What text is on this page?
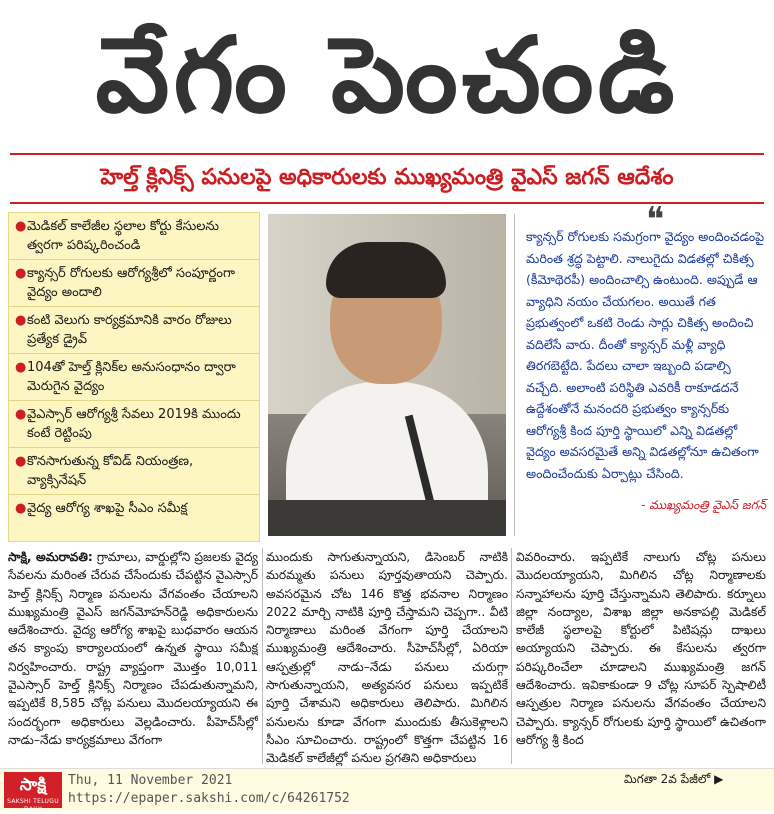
వేగం పెంచండి
హెల్త్‌ క్లినిక్స్‌ పనులపై అధికారులకు ముఖ్యమంత్రి వైఎస్‌ జగన్‌ ఆదేశం
● మెడికల్‌ కాలేజీల స్థలాల కోర్టు కేసులను త్వరగా పరిష్కరించండి
● క్యాన్సర్‌ రోగులకు ఆరోగ్యశ్రీలో సంపూర్ణంగా వైద్యం అందాలి
● కంటి వెలుగు కార్యక్రమానికి వారం రోజులు ప్రత్యేక డ్రైవ్‌
● 104తో హెల్త్‌ క్లినిక్‌ల అనుసంధానం ద్వారా మెరుగైన వైద్యం
● వైఎస్సార్‌ ఆరోగ్యశ్రీ సేవలు 2019కి ముందు కంటే రెట్టింపు
● కొనసాగుతున్న కోవిడ్‌ నియంత్రణ, వ్యాక్సినేషన్‌
● వైద్య ఆరోగ్య శాఖపై సీఎం సమీక్ష
❝
క్యాన్సర్‌ రోగులకు సమగ్రంగా వైద్యం అందించడంపై మరింత శ్రద్ధ పెట్టాలి. నాలుగైదు విడతల్లో చికిత్స (కీమోథెరపీ) అందించాల్సి ఉంటుంది. అప్పుడే ఆ వ్యాధిని నయం చేయగలం. అయితే గత ప్రభుత్వంలో ఒకటి రెండు సార్లు చికిత్స అందించి వదిలేసే వారు. దీంతో క్యాన్సర్‌ మళ్లీ వ్యాధి తిరగబెట్టేది. పేదలు చాలా ఇబ్బంది పడాల్సి వచ్చేది. అలాంటి పరిస్థితి ఎవరికీ రాకూడదనే ఉద్దేశంతోనే మనందరి ప్రభుత్వం క్యాన్సర్‌కు ఆరోగ్యశ్రీ కింద పూర్తి స్థాయిలో ఎన్ని విడతల్లో వైద్యం అవసరమైతే అన్ని విడతల్లోనూ ఉచితంగా అందించేందుకు ఏర్పాట్లు చేసింది.
- ముఖ్యమంత్రి వైఎస్‌ జగన్‌
సాక్షి, అమరావతి: గ్రామాలు, వార్డుల్లోని ప్రజలకు వైద్య సేవలను మరింత చేరువ చేసేందుకు చేపట్టిన వైఎస్సార్‌ హెల్త్‌ క్లినిక్స్‌ నిర్మాణ పనులను వేగవంతం చేయాలని ముఖ్యమంత్రి వైఎస్‌ జగన్‌మోహన్‌రెడ్డి అధికారులను ఆదేశించారు. వైద్య ఆరోగ్య శాఖపై బుధవారం ఆయన తన క్యాంపు కార్యాలయంలో ఉన్నత స్థాయి సమీక్ష నిర్వహించారు. రాష్ట్ర వ్యాప్తంగా మొత్తం 10,011 వైఎస్సార్‌ హెల్త్‌ క్లినిక్స్‌ నిర్మాణం చేపడుతున్నామని, ఇప్పటికే 8,585 చోట్ల పనులు మొదలయ్యాయని ఈ సందర్భంగా అధికారులు వెల్లడించారు. పీహెచ్‌సీల్లో నాడు–నేడు కార్యక్రమాలు వేగంగా
ముందుకు సాగుతున్నాయని, డిసెంబర్‌ నాటికి మరమ్మతు పనులు పూర్తవుతాయని చెప్పారు. అవసరమైన చోట 146 కొత్త భవనాల నిర్మాణం 2022 మార్చి నాటికి పూర్తి చేస్తామని చెప్పగా.. వీటి నిర్మాణాలు మరింత వేగంగా పూర్తి చేయాలని ముఖ్యమంత్రి ఆదేశించారు. సీహెచ్‌సీల్లో, ఏరియా ఆస్పత్రుల్లో నాడు–నేడు పనులు చురుగ్గా సాగుతున్నాయని, అత్యవసర పనులు ఇప్పటికే పూర్తి చేశామని అధికారులు తెలిపారు. మిగిలిన పనులను కూడా వేగంగా ముందుకు తీసుకెళ్లాలని సీఎం సూచించారు. రాష్ట్రంలో కొత్తగా చేపట్టిన 16 మెడికల్‌ కాలేజీల్లో పనుల ప్రగతిని అధికారులు
వివరించారు. ఇప్పటికే నాలుగు చోట్ల పనులు మొదలయ్యాయని, మిగిలిన చోట్ల నిర్మాణాలకు సన్నాహాలను పూర్తి చేస్తున్నామని తెలిపారు. కర్నూలు జిల్లా నంద్యాల, విశాఖ జిల్లా అనకాపల్లి మెడికల్‌ కాలేజీ స్థలాలపై కోర్టులో పిటిషన్లు దాఖలు అయ్యాయని చెప్పారు. ఈ కేసులను త్వరగా పరిష్కరించేలా చూడాలని ముఖ్యమంత్రి జగన్‌ ఆదేశించారు. ఇవికాకుండా 9 చోట్ల సూపర్‌ స్పెషాలిటీ ఆస్పత్రుల నిర్మాణ పనులను వేగవంతం చేయాలని చెప్పారు. క్యాన్సర్‌ రోగులకు పూర్తి స్థాయిలో ఉచితంగా ఆరోగ్య శ్రీ కింద
సాక్షి
SAKSHI TELUGU DAILY
Thu, 11 November 2021
https://epaper.sakshi.com/c/64261752
మిగతా 2వ పేజీలో ▶
